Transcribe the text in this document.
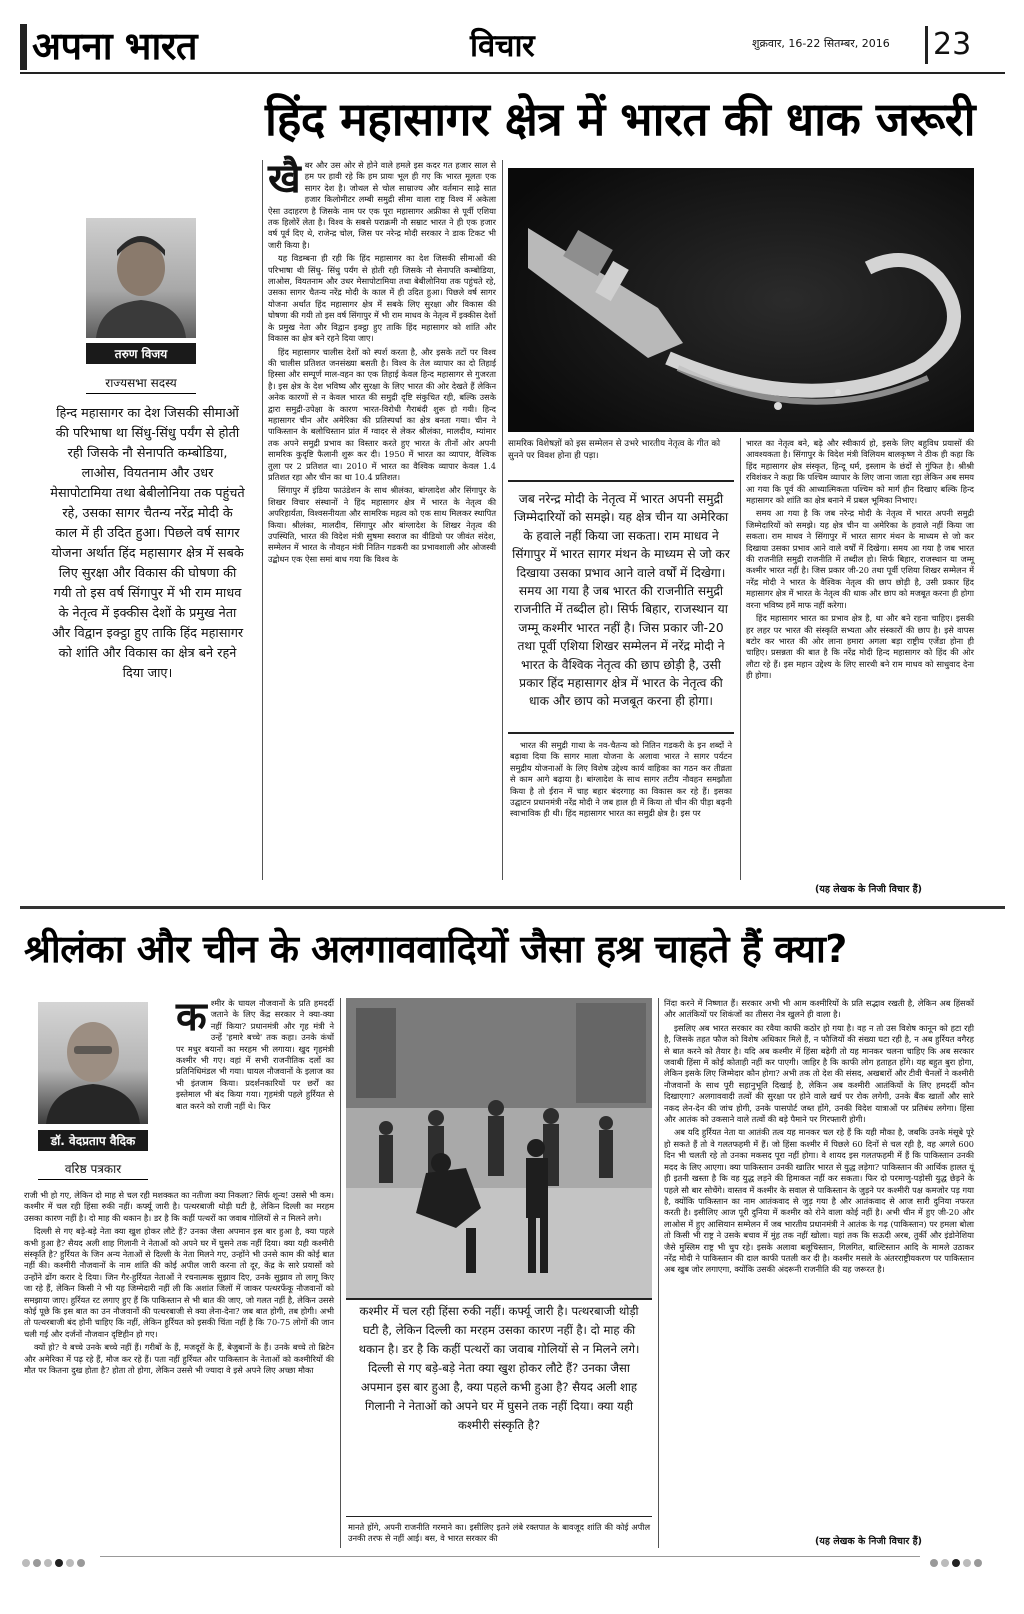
अपना भारत	विचार	शुक्रवार, 16-22 सितम्बर, 2016 23
हिंद महासागर क्षेत्र में भारत की धाक जरूरी
तरुण विजय
राज्यसभा सदस्य
हिन्द महासागर का देश जिसकी सीमाओं की परिभाषा था सिंधु-सिंधु पर्यंग से होती रही जिसके नौ सेनापति कम्बोडिया, लाओस, वियतनाम और उधर मेसापोटामिया तथा बेबीलोनिया तक पहुंचते रहे, उसका सागर चैतन्य नरेंद्र मोदी के काल में ही उदित हुआ। पिछले वर्ष सागर योजना अर्थात हिंद महासागर क्षेत्र में सबके लिए सुरक्षा और विकास की घोषणा की गयी तो इस वर्ष सिंगापुर में भी राम माधव के नेतृत्व में इक्कीस देशों के प्रमुख नेता और विद्वान इक्ट्ठा हुए ताकि हिंद महासागर को शांति और विकास का क्षेत्र बने रहने दिया जाए।
खै बर और उस ओर से होने वाले हमले इस कदर गत हजार साल से हम पर हावी रहे कि हम प्रायः भूल ही गए कि भारत मूलतः एक सागर देश है। जोथल से चोल साम्राज्य और वर्तमान साढ़े सात हजार किलोमीटर लम्बी समुद्री सीमा वाला राष्ट्र विश्व में अकेला ऐसा उदाहरण है जिसके नाम पर एक पूरा महासागर अफ्रीका से पूर्वी एशिया तक हिलोरें लेता है। विश्व के सबसे पराक्रमी नौ सम्राट भारत ने ही एक हजार वर्ष पूर्व दिए थे, राजेन्द्र चोल, जिस पर नरेन्द्र मोदी सरकार ने डाक टिकट भी जारी किया है।

यह विडम्बना ही रही कि हिंद महासागर का देश जिसकी सीमाओं की परिभाषा थी सिंधु- सिंधु पर्यंग से होती रही जिसके नौ सेनापति कम्बोडिया, लाओस, वियतनाम और उधर मेसापोटामिया तथा बेबीलोनिया तक पहुंचते रहे, उसका सागर चैतन्य नरेंद्र मोदी के काल में ही उदित हुआ। पिछले वर्ष सागर योजना अर्थात हिंद महासागर क्षेत्र में सबके लिए सुरक्षा और विकास की घोषणा की गयी तो इस वर्ष सिंगापुर में भी राम माधव के नेतृत्व में इक्कीस देशों के प्रमुख नेता और विद्वान इक्ट्ठा हुए ताकि हिंद महासागर को शांति और विकास का क्षेत्र बने रहने दिया जाए।

हिंद महासागर चालीस देशों को स्पर्श करता है, और इसके तटों पर विश्व की चालीस प्रतिशत जनसंख्या बसती है। विश्व के तेल व्यापार का दो तिहाई हिस्सा और सम्पूर्ण माल-वहन का एक तिहाई केवल हिन्द महासागर से गुजरता है। इस क्षेत्र के देश भविष्य और सुरक्षा के लिए भारत की ओर देखते हैं लेकिन अनेक कारणों से न केवल भारत की समुद्री दृष्टि संकुचित रही, बल्कि उसके द्वारा समुद्री-उपेक्षा के कारण भारत-विरोधी गैराबंदी शुरू हो गयी। हिन्द महासागर चीन और अमेरिका की प्रतिस्पर्धा का क्षेत्र बनता गया। चीन ने पाकिस्तान के बलोचिस्तान प्रांत में ग्वादर से लेकर श्रीलंका, मालदीव, म्यांमार तक अपने समुद्री प्रभाव का विस्तार करते हुए भारत के तीनों ओर अपनी सामरिक कुदृष्टि फैलानी शुरू कर दी। 1950 में भारत का व्यापार, वैश्विक तुला पर 2 प्रतिशत था। 2010 में भारत का वैश्विक व्यापार केवल 1.4 प्रतिशत रहा और चीन का था 10.4 प्रतिशत।

सिंगापुर में इंडिया फाउंडेशन के साथ श्रीलंका, बांग्लादेश और सिंगापुर के शिखर विचार संस्थानों ने हिंद महासागर क्षेत्र में भारत के नेतृत्व की अपरिहार्यता, विश्वसनीयता और सामरिक महत्व को एक साथ मिलकर स्थापित किया। श्रीलंका, मालदीव, सिंगापुर और बांग्लादेश के शिखर नेतृत्व की उपस्थिति, भारत की विदेश मंत्री सुषमा स्वराज का वीडियो पर जीवंत संदेश, सम्मेलन में भारत के नौवहन मंत्री नितिन गडकरी का प्रभावशाली और ओजस्वी उद्बोधन एक ऐसा समां बाध गया कि विश्व के

सामरिक विशेषज्ञों को इस सम्मेलन से उभरे भारतीय नेतृत्व के गीत को सुनने पर विवश होना ही पड़ा।
जब नरेन्द्र मोदी के नेतृत्व में भारत अपनी समुद्री जिम्मेदारियों को समझे। यह क्षेत्र चीन या अमेरिका के हवाले नहीं किया जा सकता। राम माधव ने सिंगापुर में भारत सागर मंथन के माध्यम से जो कर दिखाया उसका प्रभाव आने वाले वर्षों में दिखेगा। समय आ गया है जब भारत की राजनीति समुद्री राजनीति में तब्दील हो। सिर्फ बिहार, राजस्थान या जम्मू कश्मीर भारत नहीं है। जिस प्रकार जी-20 तथा पूर्वी एशिया शिखर सम्मेलन में नरेंद्र मोदी ने भारत के वैश्विक नेतृत्व की छाप छोड़ी है, उसी प्रकार हिंद महासागर क्षेत्र में भारत के नेतृत्व की धाक और छाप को मजबूत करना ही होगा।

भारत की समुद्री गाथा के नव-चैतन्य को नितिन गडकरी के इन शब्दों ने बढ़ावा दिया कि सागर माला योजना के अलावा भारत ने सागर पर्यटन समुद्रीय योजनाओं के लिए विशेष उद्देश्य कार्य वाहिका का गठन कर तीव्रता से काम आगे बढ़ाया है। बांग्लादेश के साथ सागर तटीय नौवहन समझौता किया है तो ईरान में चाह बहार बंदरगाह का विकास कर रहे हैं। इसका उद्घाटन प्रधानमंत्री नरेंद्र मोदी ने जब हाल ही में किया तो चीन की पीड़ा बढ़नी स्वाभाविक ही थी। हिंद महासागर भारत का समुद्री क्षेत्र है। इस पर

भारत का नेतृत्व बने, बढ़े और स्वीकार्य हो, इसके लिए बहुविध प्रयासों की आवश्यकता है। सिंगापुर के विदेश मंत्री विलियम बालकृष्ण ने ठीक ही कहा कि हिंद महासागर क्षेत्र संस्कृत, हिन्दू धर्म, इस्लाम के छंदों से गुंफित है। श्रीश्री रविशंकर ने कहा कि पश्चिम व्यापार के लिए जाना जाता रहा लेकिन अब समय आ गया कि पूर्व की आध्यात्मिकता पश्चिम को मार्ग हीन दिखाए बल्कि हिन्द महासागर को शांति का क्षेत्र बनाने में प्रबल भूमिका निभाए।

समय आ गया है कि जब नरेन्द्र मोदी के नेतृत्व में भारत अपनी समुद्री जिम्मेदारियों को समझे। यह क्षेत्र चीन या अमेरिका के हवाले नहीं किया जा सकता। राम माधव ने सिंगापुर में भारत सागर मंथन के माध्यम से जो कर दिखाया उसका प्रभाव आने वाले वर्षों में दिखेगा। समय आ गया है जब भारत की राजनीति समुद्री राजनीति में तब्दील हो। सिर्फ बिहार, राजस्थान या जम्मू कश्मीर भारत नहीं है। जिस प्रकार जी-20 तथा पूर्वी एशिया शिखर सम्मेलन में नरेंद्र मोदी ने भारत के वैश्विक नेतृत्व की छाप छोड़ी है, उसी प्रकार हिंद महासागर क्षेत्र में भारत के नेतृत्व की धाक और छाप को मजबूत करना ही होगा वरना भविष्य हमें माफ नहीं करेगा।

हिंद महासागर भारत का प्रभाव क्षेत्र है, था और बने रहना चाहिए। इसकी हर लहर पर भारत की संस्कृति सभ्यता और संस्कारों की छाप है। इसे वापस बटोर कर भारत की ओर लाना हमारा अगला बड़ा राष्ट्रीय एजेंडा होना ही चाहिए। प्रसन्नता की बात है कि नरेंद्र मोदी हिन्द महासागर को हिंद की ओर लौटा रहे हैं। इस महान उद्देश्य के लिए सारथी बने राम माधव को साधुवाद देना ही होगा।

(यह लेखक के निजी विचार हैं)
श्रीलंका और चीन के अलगाववादियों जैसा हश्र चाहते हैं क्या?
डॉ. वेदप्रताप वैदिक
वरिष्ठ पत्रकार
क श्मीर के घायल नौजवानों के प्रति हमदर्दी जताने के लिए केंद्र सरकार ने क्या-क्या नहीं किया? प्रधानमंत्री और गृह मंत्री ने उन्हें 'हमारे बच्चे' तक कहा। उनके कंधों पर मधुर बयानों का मरहम भी लगाया। खुद गृहमंत्री कश्मीर भी गए। वहां में सभी राजनीतिक दलों का प्रतिनिधिमंडल भी गया। घायल नौजवानों के इलाज का भी इंतजाम किया। प्रदर्शनकारियों पर छर्रों का इस्तेमाल भी बंद किया गया। गृहमंत्री पहले हुर्रियत से बात करने को राजी नहीं थे। फिर

राजी भी हो गए, लेकिन दो माह से चल रही मशक्कत का नतीजा क्या निकला? सिर्फ शून्य! उससे भी कम। कश्मीर में चल रही हिंसा रुकी नहीं। कर्फ्यू जारी है। पत्थरबाजी थोड़ी घटी है, लेकिन दिल्ली का मरहम उसका कारण नहीं है। दो माह की थकान है। डर है कि कहीं पत्थरों का जवाब गोलियों से न मिलने लगे।

दिल्ली से गए बड़े-बड़े नेता क्या खुश होकर लौटे हैं? उनका जैसा अपमान इस बार हुआ है, क्या पहले कभी हुआ है? सैयद अली शाह गिलानी ने नेताओं को अपने घर में घुसने तक नहीं दिया। क्या यही कश्मीरी संस्कृति है? हुर्रियत के जिन अन्य नेताओं से दिल्ली के नेता मिलने गए, उन्होंने भी उनसे काम की कोई बात नहीं की। कश्मीरी नौजवानों के नाम शांति की कोई अपील जारी करना तो दूर, केंद्र के सारे प्रयासों को उन्होंने ढोंग करार दे दिया। जिन गैर-हुर्रियत नेताओं ने रचनात्मक सुझाव दिए, उनके सुझाव तो लागू किए जा रहे हैं, लेकिन किसी ने भी यह जिम्मेदारी नहीं ली कि अशांत जिलों में जाकर पत्थरफेंकू नौजवानों को समझाया जाए। हुर्रियत रट लगाए हुए हैं कि पाकिस्तान से भी बात की जाए, जो गलत नहीं है, लेकिन उससे कोई पूछे कि इस बात का उन नौजवानों की पत्थरबाजी से क्या लेना-देना? जब बात होगी, तब होगी। अभी तो पत्थरबाजी बंद होनी चाहिए कि नहीं, लेकिन हुर्रियत को इसकी चिंता नहीं है कि 70-75 लोगों की जान चली गई और दर्जनों नौजवान दृष्टिहीन हो गए।

क्यों हो? ये बच्चे उनके बच्चे नहीं हैं। गरीबों के हैं, मजदूरों के हैं, बेजुबानों के हैं। उनके बच्चे तो ब्रिटेन और अमेरिका में पढ़ रहे हैं, मौज कर रहे हैं। पता नहीं हुर्रियत और पाकिस्तान के नेताओं को कश्मीरियों की मौत पर कितना दुख होता है? होता तो होगा, लेकिन उससे भी ज्यादा वे इसे अपने लिए अच्छा मौका

कश्मीर में चल रही हिंसा रुकी नहीं। कर्फ्यू जारी है। पत्थरबाजी थोड़ी घटी है, लेकिन दिल्ली का मरहम उसका कारण नहीं है। दो माह की थकान है। डर है कि कहीं पत्थरों का जवाब गोलियों से न मिलने लगे। दिल्ली से गए बड़े-बड़े नेता क्या खुश होकर लौटे हैं? उनका जैसा अपमान इस बार हुआ है, क्या पहले कभी हुआ है? सैयद अली शाह गिलानी ने नेताओं को अपने घर में घुसने तक नहीं दिया। क्या यही कश्मीरी संस्कृति है?

मानते होंगे, अपनी राजनीति गरमाने का। इसीलिए इतने लंबे रक्तपात के बावजूद शांति की कोई अपील उनकी तरफ से नहीं आई। बस, वे भारत सरकार की

निंदा करने में निष्णात हैं। सरकार अभी भी आम कश्मीरियों के प्रति सद्भाव रखती है, लेकिन अब हिंसकों और आतंकियों पर शिकंजों का तीसरा नेत्र खुलने ही वाला है।

इसलिए अब भारत सरकार का रवैया काफी कठोर हो गया है। वह न तो उस विशेष कानून को हटा रही है, जिसके तहत फौज को विशेष अधिकार मिले हैं, न फौजियों की संख्या घटा रही है, न अब हुर्रियत वगैरह से बात करने को तैयार है। यदि अब कश्मीर में हिंसा बढ़ेगी तो यह मानकर चलना चाहिए कि अब सरकार जवाबी हिंसा में कोई कोताही नहीं कर पाएगी। जाहिर है कि काफी लोग हताहत होंगे। यह बहुत बुरा होगा, लेकिन इसके लिए जिम्मेदार कौन होगा? अभी तक तो देश की संसद, अखबारों और टीवी चैनलों ने कश्मीरी नौजवानों के साथ पूरी सहानुभूति दिखाई है, लेकिन अब कश्मीरी आतंकियों के लिए हमदर्दी कौन दिखाएगा? अलगाववादी तत्वों की सुरक्षा पर होने वाले खर्च पर रोक लगेगी, उनके बैंक खातों और सारे नकद लेन-देन की जांच होगी, उनके पासपोर्ट जब्त होंगे, उनकी विदेश यात्राओं पर प्रतिबंध लगेगा। हिंसा और आतंक को उकसाने वाले तत्वों की बड़े पैमाने पर गिरफ्तारी होगी।

अब यदि हुर्रियत नेता या आतंकी तत्व यह मानकर चल रहे हैं कि यही मौका है, जबकि उनके मंसूबे पूरे हो सकते हैं तो वे गलतफहमी में हैं। जो हिंसा कश्मीर में पिछले 60 दिनों से चल रही है, वह अगले 600 दिन भी चलती रहे तो उनका मकसद पूरा नहीं होगा। वे शायद इस गलतफहमी में हैं कि पाकिस्तान उनकी मदद के लिए आएगा। क्या पाकिस्तान उनकी खातिर भारत से युद्ध लड़ेगा? पाकिस्तान की आर्थिक हालत यूं ही इतनी खस्ता है कि वह युद्ध लड़ने की हिमाकत नहीं कर सकता। फिर दो परमाणु-पड़ोसी युद्ध छेड़ने के पहले सौ बार सोचेंगे। वास्तव में कश्मीर के सवाल से पाकिस्तान के जुड़ने पर कश्मीरी पक्ष कमजोर पड़ गया है, क्योंकि पाकिस्तान का नाम आतंकवाद से जुड़ गया है और आतंकवाद से आज सारी दुनिया नफरत करती है। इसीलिए आज पूरी दुनिया में कश्मीर को रोने वाला कोई नहीं है। अभी चीन में हुए जी-20 और लाओस में हुए आसियान सम्मेलन में जब भारतीय प्रधानमंत्री ने आतंक के गढ़ (पाकिस्तान) पर हमला बोला तो किसी भी राष्ट्र ने उसके बचाव में मुंह तक नहीं खोला। यहां तक कि सऊदी अरब, तुर्की और इंडोनेशिया जैसे मुस्लिम राष्ट्र भी चुप रहे। इसके अलावा बलूचिस्तान, गिलगित, बाल्टिस्तान आदि के मामले उठाकर नरेंद्र मोदी ने पाकिस्तान की दाल काफी पतली कर दी है। कश्मीर मसले के अंतरराष्ट्रीयकरण पर पाकिस्तान अब खुब जोर लगाएगा, क्योंकि उसकी अंदरूनी राजनीति की यह जरूरत है।

(यह लेखक के निजी विचार हैं)
